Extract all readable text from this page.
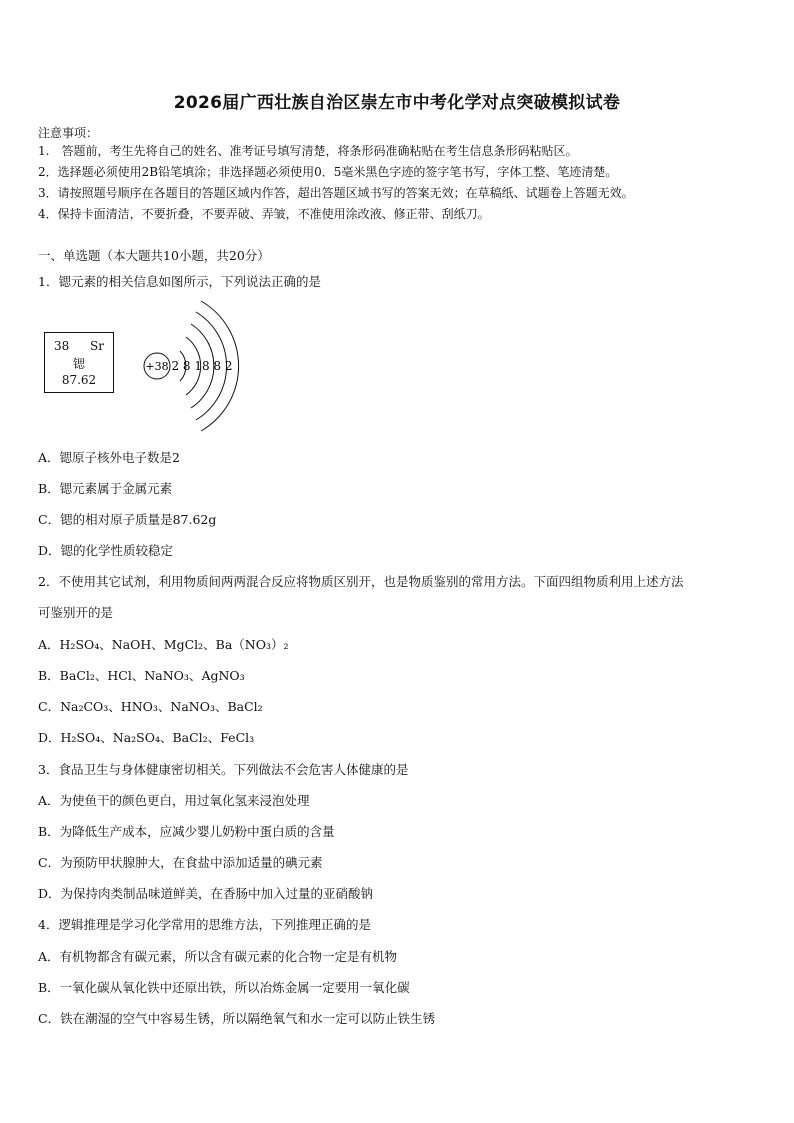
2026届广西壮族自治区崇左市中考化学对点突破模拟试卷
注意事项：
1.　答题前，考生先将自己的姓名、准考证号填写清楚，将条形码准确粘贴在考生信息条形码粘贴区。
2．选择题必须使用2B铅笔填涂；非选择题必须使用0．5毫米黑色字迹的签字笔书写，字体工整、笔迹清楚。
3．请按照题号顺序在各题目的答题区域内作答，超出答题区域书写的答案无效；在草稿纸、试题卷上答题无效。
4．保持卡面清洁，不要折叠，不要弄破、弄皱，不准使用涂改液、修正带、刮纸刀。
一、单选题（本大题共10小题，共20分）
1．锶元素的相关信息如图所示，下列说法正确的是
38 Sr
锶
87.62
+38 2 8 18 8 2
A．锶原子核外电子数是2
B．锶元素属于金属元素
C．锶的相对原子质量是87.62g
D．锶的化学性质较稳定
2．不使用其它试剂，利用物质间两两混合反应将物质区别开，也是物质鉴别的常用方法。下面四组物质利用上述方法
可鉴别开的是
A．H₂SO₄、NaOH、MgCl₂、Ba（NO₃）₂
B．BaCl₂、HCl、NaNO₃、AgNO₃
C．Na₂CO₃、HNO₃、NaNO₃、BaCl₂
D．H₂SO₄、Na₂SO₄、BaCl₂、FeCl₃
3．食品卫生与身体健康密切相关。下列做法不会危害人体健康的是
A．为使鱼干的颜色更白，用过氧化氢来浸泡处理
B．为降低生产成本，应减少婴儿奶粉中蛋白质的含量
C．为预防甲状腺肿大，在食盐中添加适量的碘元素
D．为保持肉类制品味道鲜美，在香肠中加入过量的亚硝酸钠
4．逻辑推理是学习化学常用的思维方法，下列推理正确的是
A．有机物都含有碳元素，所以含有碳元素的化合物一定是有机物
B．一氧化碳从氧化铁中还原出铁，所以冶炼金属一定要用一氧化碳
C．铁在潮湿的空气中容易生锈，所以隔绝氧气和水一定可以防止铁生锈
